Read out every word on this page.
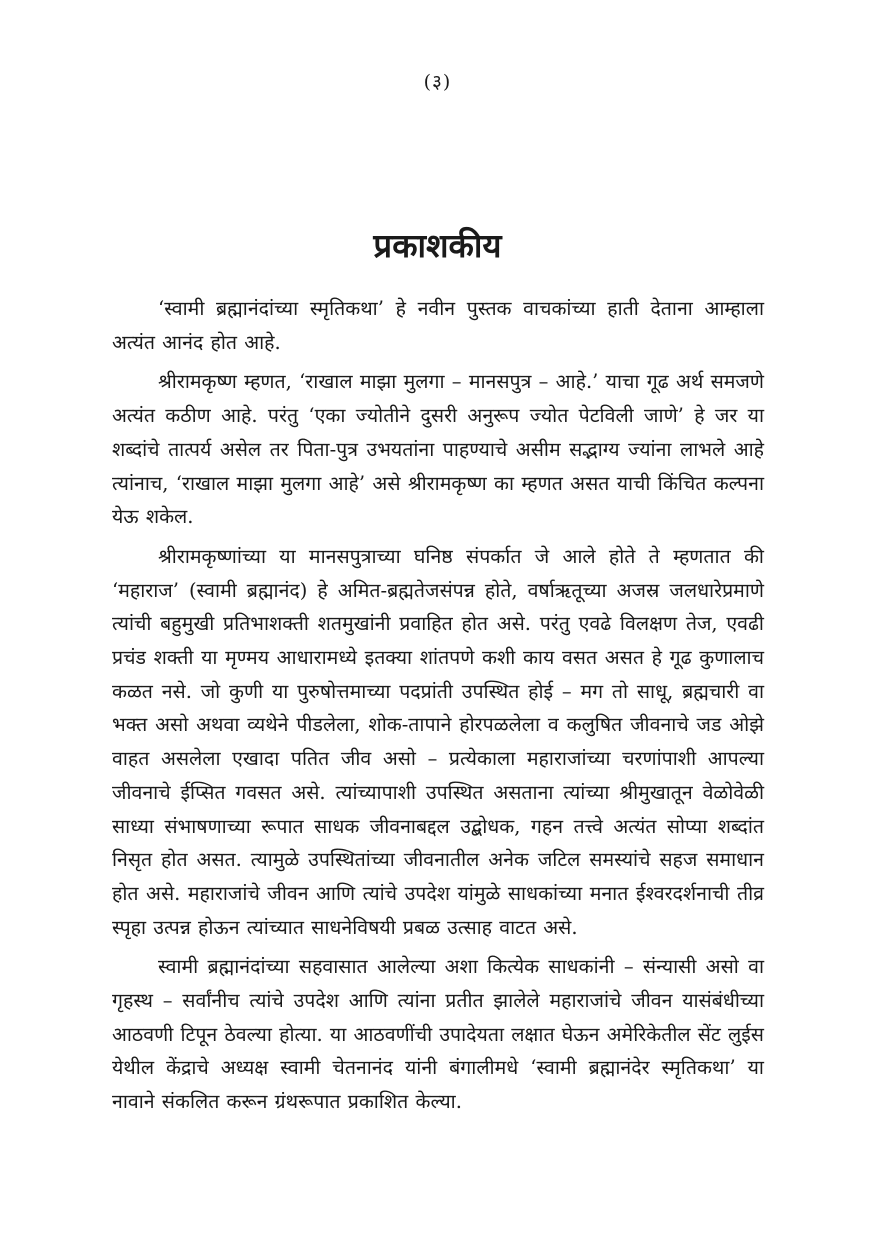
(३)
प्रकाशकीय

‘स्वामी ब्रह्मानंदांच्या स्मृतिकथा’ हे नवीन पुस्तक वाचकांच्या हाती देताना आम्हाला अत्यंत आनंद होत आहे.

श्रीरामकृष्ण म्हणत, ‘राखाल माझा मुलगा – मानसपुत्र – आहे.’ याचा गूढ अर्थ समजणे अत्यंत कठीण आहे. परंतु ‘एका ज्योतीने दुसरी अनुरूप ज्योत पेटविली जाणे’ हे जर या शब्दांचे तात्पर्य असेल तर पिता-पुत्र उभयतांना पाहण्याचे असीम सद्भाग्य ज्यांना लाभले आहे त्यांनाच, ‘राखाल माझा मुलगा आहे’ असे श्रीरामकृष्ण का म्हणत असत याची किंचित कल्पना येऊ शकेल.

श्रीरामकृष्णांच्या या मानसपुत्राच्या घनिष्ठ संपर्कात जे आले होते ते म्हणतात की ‘महाराज’ (स्वामी ब्रह्मानंद) हे अमित-ब्रह्मतेजसंपन्न होते, वर्षाऋतूच्या अजस्र जलधारेप्रमाणे त्यांची बहुमुखी प्रतिभाशक्ती शतमुखांनी प्रवाहित होत असे. परंतु एवढे विलक्षण तेज, एवढी प्रचंड शक्ती या मृण्मय आधारामध्ये इतक्या शांतपणे कशी काय वसत असत हे गूढ कुणालाच कळत नसे. जो कुणी या पुरुषोत्तमाच्या पदप्रांती उपस्थित होई – मग तो साधू, ब्रह्मचारी वा भक्त असो अथवा व्यथेने पीडलेला, शोक-तापाने होरपळलेला व कलुषित जीवनाचे जड ओझे वाहत असलेला एखादा पतित जीव असो – प्रत्येकाला महाराजांच्या चरणांपाशी आपल्या जीवनाचे ईप्सित गवसत असे. त्यांच्यापाशी उपस्थित असताना त्यांच्या श्रीमुखातून वेळोवेळी साध्या संभाषणाच्या रूपात साधक जीवनाबद्दल उद्बोधक, गहन तत्त्वे अत्यंत सोप्या शब्दांत निसृत होत असत. त्यामुळे उपस्थितांच्या जीवनातील अनेक जटिल समस्यांचे सहज समाधान होत असे. महाराजांचे जीवन आणि त्यांचे उपदेश यांमुळे साधकांच्या मनात ईश्वरदर्शनाची तीव्र स्पृहा उत्पन्न होऊन त्यांच्यात साधनेविषयी प्रबळ उत्साह वाटत असे.

स्वामी ब्रह्मानंदांच्या सहवासात आलेल्या अशा कित्येक साधकांनी – संन्यासी असो वा गृहस्थ – सर्वांनीच त्यांचे उपदेश आणि त्यांना प्रतीत झालेले महाराजांचे जीवन यासंबंधीच्या आठवणी टिपून ठेवल्या होत्या. या आठवणींची उपादेयता लक्षात घेऊन अमेरिकेतील सेंट लुईस येथील केंद्राचे अध्यक्ष स्वामी चेतनानंद यांनी बंगालीमधे ‘स्वामी ब्रह्मानंदेर स्मृतिकथा’ या नावाने संकलित करून ग्रंथरूपात प्रकाशित केल्या.
